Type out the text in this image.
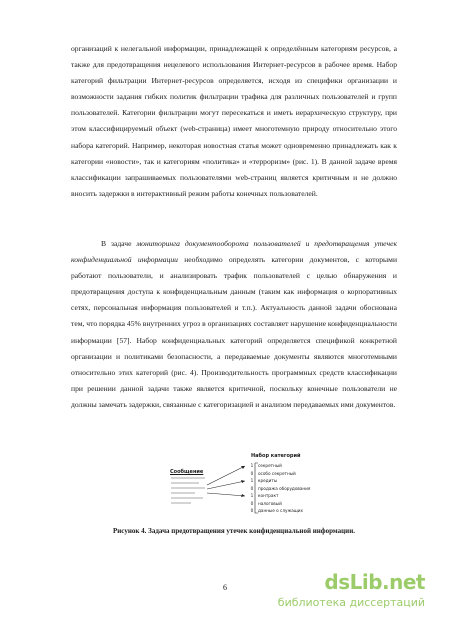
организаций к нелегальной информации, принадлежащей к определённым категориям ресурсов, а также для предотвращения нецелевого использования Интернет-ресурсов в рабочее время. Набор категорий фильтрации Интернет-ресурсов определяется, исходя из специфики организации и возможности задания гибких политик фильтрации трафика для различных пользователей и групп пользователей. Категории фильтрации могут пересекаться и иметь иерархическую структуру, при этом классифицируемый объект (web-страница) имеет многотемную природу относительно этого набора категорий. Например, некоторая новостная статья может одновременно принадлежать как к категории «новости», так и категориям «политика» и «терроризм» (рис. 1). В данной задаче время классификации запрашиваемых пользователями web-страниц является критичным и не должно вносить задержки в интерактивный режим работы конечных пользователей.

В задаче мониторинга документооборота пользователей и предотвращения утечек конфиденциальной информации необходимо определять категории документов, с которыми работают пользователи, и анализировать трафик пользователей с целью обнаружения и предотвращения доступа к конфиденциальным данным (таким как информация о корпоративных сетях, персональная информация пользователей и т.п.). Актуальность данной задачи обоснована тем, что порядка 45% внутренних угроз в организациях составляет нарушение конфиденциальности информации [57]. Набор конфиденциальных категорий определяется спецификой конкретной организации и политиками безопасности, а передаваемые документы являются многотемными относительно этих категорий (рис. 4). Производительность программных средств классификации при решении данной задачи также является критичной, поскольку конечные пользователи не должны замечать задержки, связанные с категоризацией и анализом передаваемых ими документов.

Набор категорий
Сообщение
1	секретный
0	особо секретный
1	кредиты
0	продажа оборудования
1	контракт
0	налоговый
0	данные о служащих
Рисунок 4. Задача предотвращения утечек конфиденциальной информации.
6	dsLib.net
библиотека диссертаций
